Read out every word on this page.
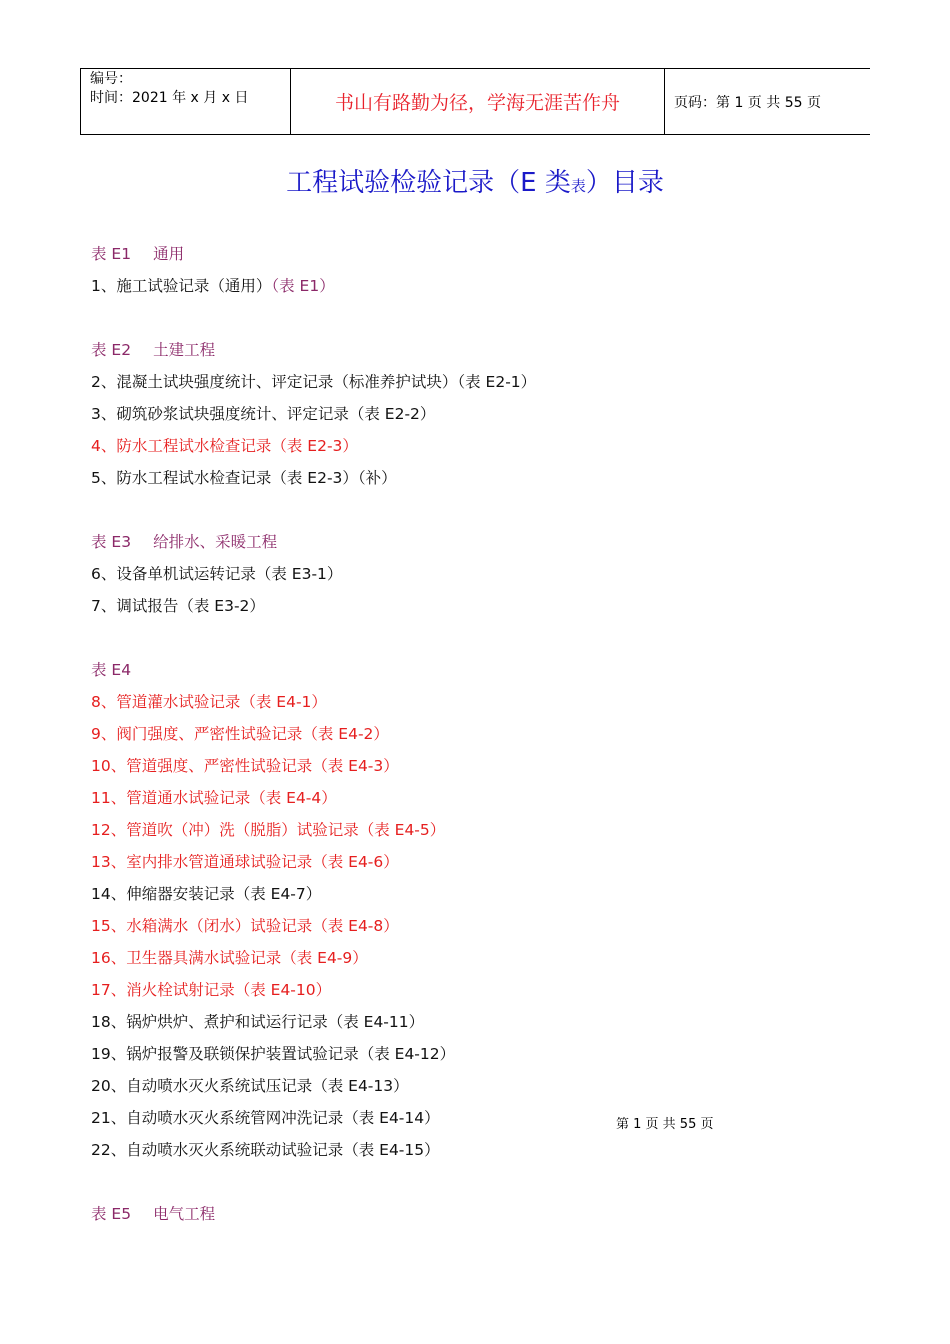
编号：
时间：2021 年 x 月 x 日	书山有路勤为径，学海无涯苦作舟	页码：第 1 页 共 55 页
工程试验检验记录（E 类表）目录
表 E1 通用
1、施工试验记录（通用）（表 E1）
表 E2 土建工程
2、混凝土试块强度统计、评定记录（标准养护试块）（表 E2-1）
3、砌筑砂浆试块强度统计、评定记录（表 E2-2）
4、防水工程试水检查记录（表 E2-3）
5、防水工程试水检查记录（表 E2-3）（补）
表 E3 给排水、采暖工程
6、设备单机试运转记录（表 E3-1）
7、调试报告（表 E3-2）
表 E4
8、管道灌水试验记录（表 E4-1）
9、阀门强度、严密性试验记录（表 E4-2）
10、管道强度、严密性试验记录（表 E4-3）
11、管道通水试验记录（表 E4-4）
12、管道吹（冲）洗（脱脂）试验记录（表 E4-5）
13、室内排水管道通球试验记录（表 E4-6）
14、伸缩器安装记录（表 E4-7）
15、水箱满水（闭水）试验记录（表 E4-8）
16、卫生器具满水试验记录（表 E4-9）
17、消火栓试射记录（表 E4-10）
18、锅炉烘炉、煮护和试运行记录（表 E4-11）
19、锅炉报警及联锁保护装置试验记录（表 E4-12）
20、自动喷水灭火系统试压记录（表 E4-13）
21、自动喷水灭火系统管网冲洗记录（表 E4-14）
22、自动喷水灭火系统联动试验记录（表 E4-15）
表 E5 电气工程
第 1 页 共 55 页
